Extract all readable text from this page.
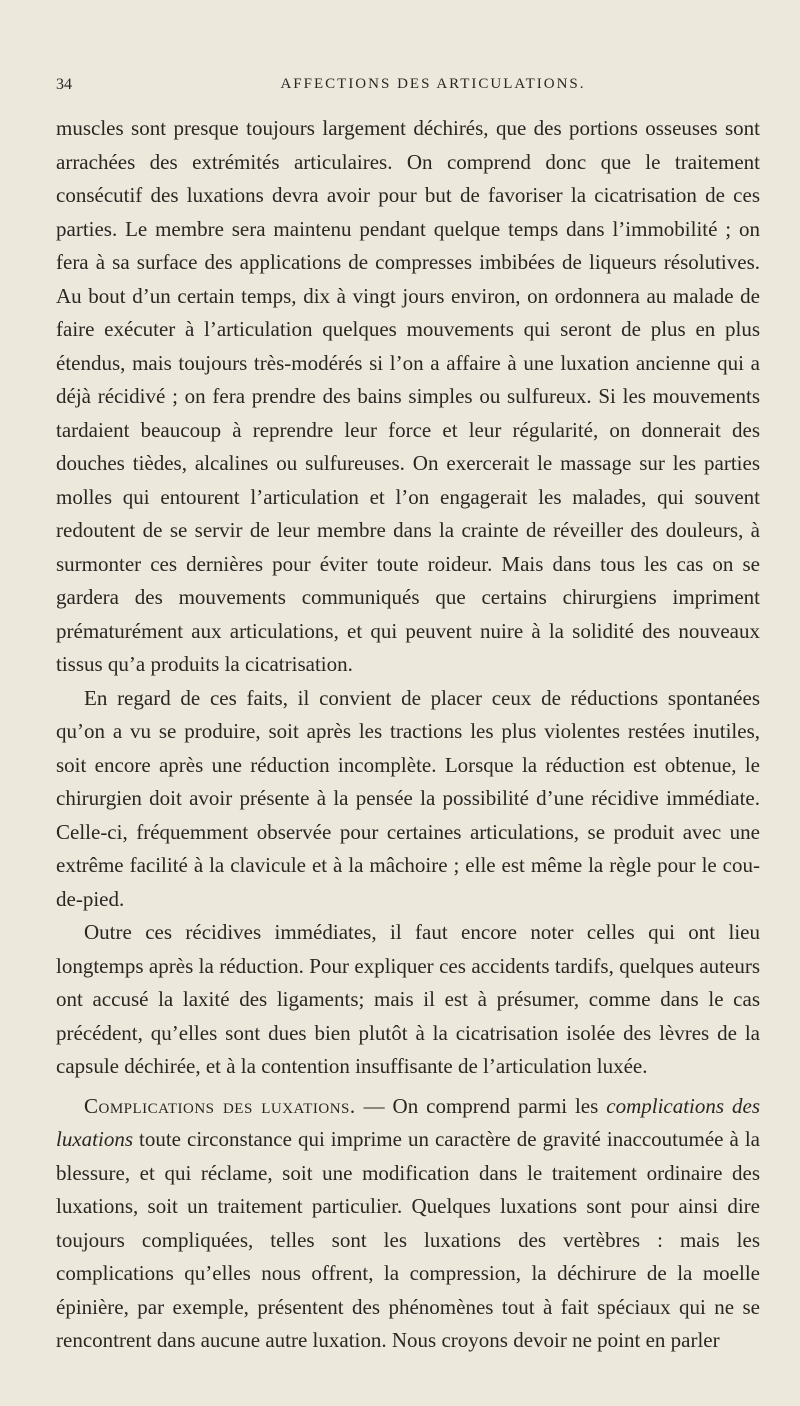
34	AFFECTIONS DES ARTICULATIONS.

muscles sont presque toujours largement déchirés, que des portions osseuses sont arrachées des extrémités articulaires. On comprend donc que le traitement consécutif des luxations devra avoir pour but de favoriser la cicatrisation de ces parties. Le membre sera maintenu pendant quelque temps dans l’immobilité ; on fera à sa surface des applications de compresses imbibées de liqueurs résolutives. Au bout d’un certain temps, dix à vingt jours environ, on ordonnera au malade de faire exécuter à l’articulation quelques mouvements qui seront de plus en plus étendus, mais toujours très-modérés si l’on a affaire à une luxation ancienne qui a déjà récidivé ; on fera prendre des bains simples ou sulfureux. Si les mouvements tardaient beaucoup à reprendre leur force et leur régularité, on donnerait des douches tièdes, alcalines ou sulfureuses. On exercerait le massage sur les parties molles qui entourent l’articulation et l’on engagerait les malades, qui souvent redoutent de se servir de leur membre dans la crainte de réveiller des douleurs, à surmonter ces dernières pour éviter toute roideur. Mais dans tous les cas on se gardera des mouvements communiqués que certains chirurgiens impriment prématurément aux articulations, et qui peuvent nuire à la solidité des nouveaux tissus qu’a produits la cicatrisation.

En regard de ces faits, il convient de placer ceux de réductions spontanées qu’on a vu se produire, soit après les tractions les plus violentes restées inutiles, soit encore après une réduction incomplète. Lorsque la réduction est obtenue, le chirurgien doit avoir présente à la pensée la possibilité d’une récidive immédiate. Celle-ci, fréquemment observée pour certaines articulations, se produit avec une extrême facilité à la clavicule et à la mâchoire ; elle est même la règle pour le cou-de-pied.

Outre ces récidives immédiates, il faut encore noter celles qui ont lieu longtemps après la réduction. Pour expliquer ces accidents tardifs, quelques auteurs ont accusé la laxité des ligaments; mais il est à présumer, comme dans le cas précédent, qu’elles sont dues bien plutôt à la cicatrisation isolée des lèvres de la capsule déchirée, et à la contention insuffisante de l’articulation luxée.

Complications des luxations. — On comprend parmi les complications des luxations toute circonstance qui imprime un caractère de gravité inaccoutumée à la blessure, et qui réclame, soit une modification dans le traitement ordinaire des luxations, soit un traitement particulier. Quelques luxations sont pour ainsi dire toujours compliquées, telles sont les luxations des vertèbres : mais les complications qu’elles nous offrent, la compression, la déchirure de la moelle épinière, par exemple, présentent des phénomènes tout à fait spéciaux qui ne se rencontrent dans aucune autre luxation. Nous croyons devoir ne point en parler
